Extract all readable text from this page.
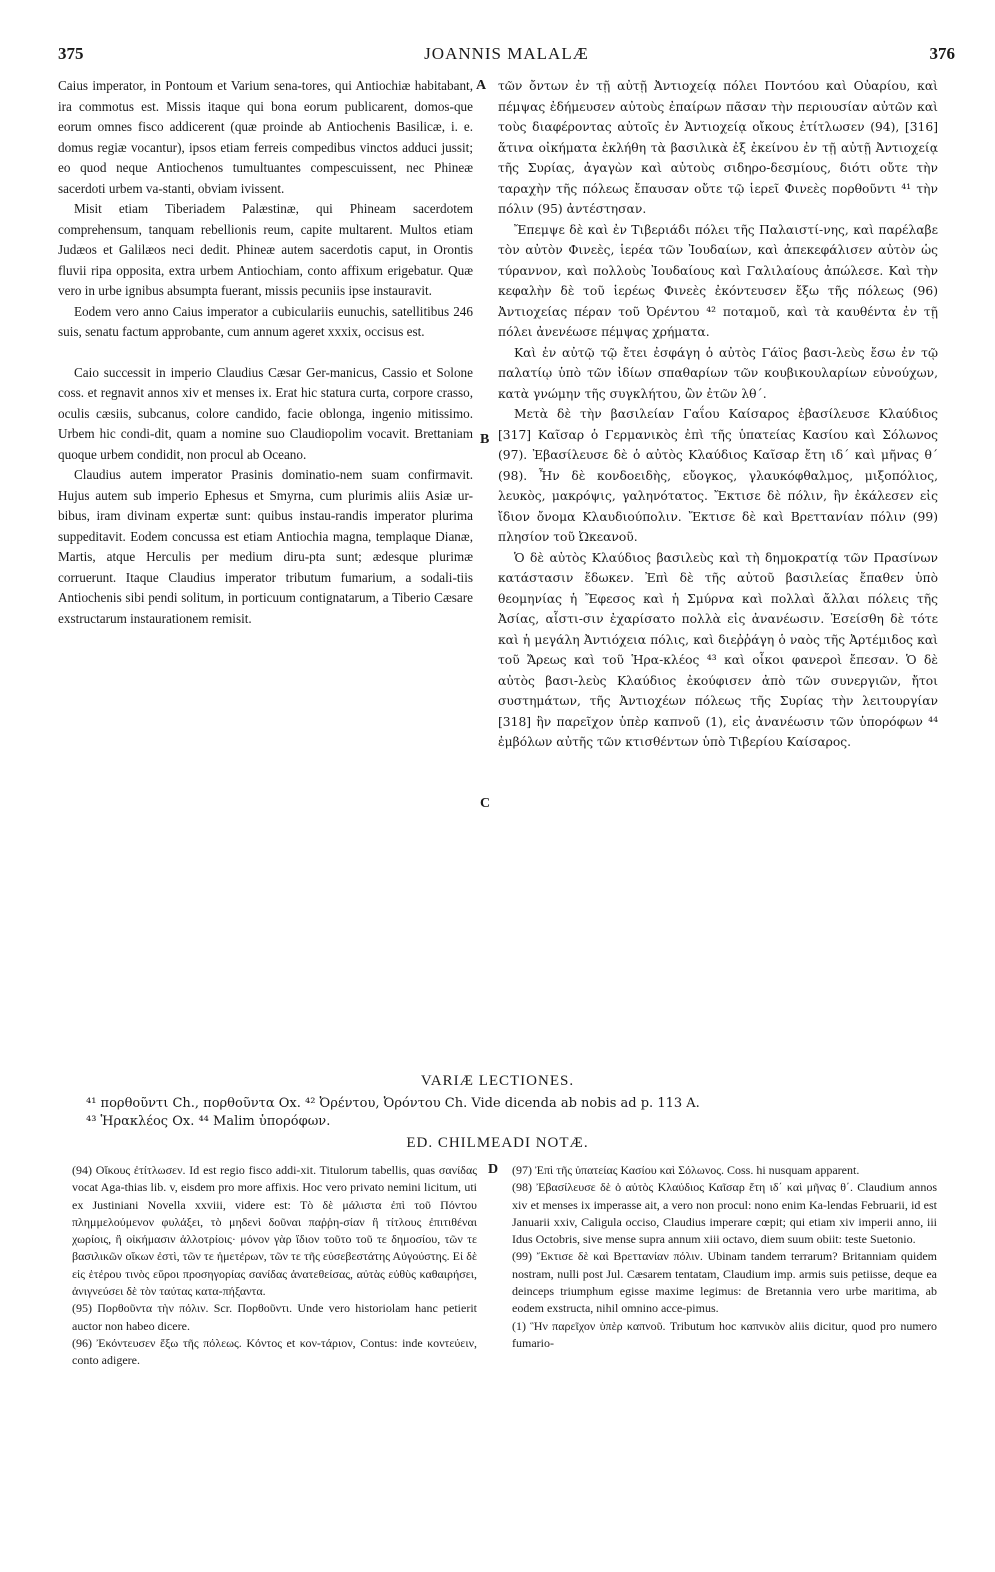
375	JOANNIS MALALÆ	376
A
B
C
D

Caius imperator, in Pontoum et Varium sena-tores, qui Antiochiæ habitabant, ira commotus est. Missis itaque qui bona eorum publicarent, domos-que eorum omnes fisco addicerent (quæ proinde ab Antiochenis Basilicæ, i. e. domus regiæ vocantur), ipsos etiam ferreis compedibus vinctos adduci jussit; eo quod neque Antiochenos tumultuantes compescuissent, nec Phineæ sacerdoti urbem va-stanti, obviam ivissent.

Misit etiam Tiberiadem Palæstinæ, qui Phineam sacerdotem comprehensum, tanquam rebellionis reum, capite multarent. Multos etiam Judæos et Galilæos neci dedit. Phineæ autem sacerdotis caput, in Orontis fluvii ripa opposita, extra urbem Antiochiam, conto affixum erigebatur. Quæ vero in urbe ignibus absumpta fuerant, missis pecuniis ipse instauravit.

Eodem vero anno Caius imperator a cubiculariis eunuchis, satellitibus 246 suis, senatu factum approbante, cum annum ageret xxxix, occisus est.

Caio successit in imperio Claudius Cæsar Ger-manicus, Cassio et Solone coss. et regnavit annos xiv et menses ix. Erat hic statura curta, corpore crasso, oculis cæsiis, subcanus, colore candido, facie oblonga, ingenio mitissimo. Urbem hic condi-dit, quam a nomine suo Claudiopolim vocavit. Brettaniam quoque urbem condidit, non procul ab Oceano.

Claudius autem imperator Prasinis dominatio-nem suam confirmavit. Hujus autem sub imperio Ephesus et Smyrna, cum plurimis aliis Asiæ ur-bibus, iram divinam expertæ sunt: quibus instau-randis imperator plurima suppeditavit. Eodem concussa est etiam Antiochia magna, templaque Dianæ, Martis, atque Herculis per medium diru-pta sunt; ædesque plurimæ corruerunt. Itaque Claudius imperator tributum fumarium, a sodali-tiis Antiochenis sibi pendi solitum, in porticuum contignatarum, a Tiberio Cæsare exstructarum instaurationem remisit.

τῶν ὄντων ἐν τῇ αὐτῇ Ἀντιοχείᾳ πόλει Ποντόου καὶ Οὐαρίου, καὶ πέμψας ἐδήμευσεν αὐτοὺς ἐπαίρων πᾶσαν τὴν περιουσίαν αὐτῶν καὶ τοὺς διαφέροντας αὐτοῖς ἐν Ἀντιοχείᾳ οἴκους ἐτίτλωσεν (94), [316] ἅτινα οἰκήματα ἐκλήθη τὰ βασιλικὰ ἐξ ἐκείνου ἐν τῇ αὐτῇ Ἀντιοχείᾳ τῆς Συρίας, ἀγαγὼν καὶ αὐτοὺς σιδηρο-δεσμίους, διότι οὔτε τὴν ταραχὴν τῆς πόλεως ἔπαυσαν οὔτε τῷ ἱερεῖ Φινεὲς πορθοῦντι ⁴¹ τὴν πόλιν (95) ἀντέστησαν.

Ἔπεμψε δὲ καὶ ἐν Τιβεριάδι πόλει τῆς Παλαιστί-νης, καὶ παρέλαβε τὸν αὐτὸν Φινεὲς, ἱερέα τῶν Ἰουδαίων, καὶ ἀπεκεφάλισεν αὐτὸν ὡς τύραννον, καὶ πολλοὺς Ἰουδαίους καὶ Γαλιλαίους ἀπώλεσε. Καὶ τὴν κεφαλὴν δὲ τοῦ ἱερέως Φινεὲς ἐκόντευσεν ἔξω τῆς πόλεως (96) Ἀντιοχείας πέραν τοῦ Ὀρέντου ⁴² ποταμοῦ, καὶ τὰ καυθέντα ἐν τῇ πόλει ἀνενέωσε πέμψας χρήματα.

Καὶ ἐν αὐτῷ τῷ ἔτει ἐσφάγη ὁ αὐτὸς Γάϊος βασι-λεὺς ἔσω ἐν τῷ παλατίῳ ὑπὸ τῶν ἰδίων σπαθαρίων τῶν κουβικουλαρίων εὐνούχων, κατὰ γνώμην τῆς συγκλήτου, ὢν ἐτῶν λθ΄.

Μετὰ δὲ τὴν βασιλείαν Γαΐου Καίσαρος ἐβασίλευσε Κλαύδιος [317] Καῖσαρ ὁ Γερμανικὸς ἐπὶ τῆς ὑπατείας Κασίου καὶ Σόλωνος (97). Ἐβασίλευσε δὲ ὁ αὐτὸς Κλαύδιος Καῖσαρ ἔτη ιδ΄ καὶ μῆνας θ΄ (98). Ἦν δὲ κονδοειδὴς, εὔογκος, γλαυκόφθαλμος, μιξοπόλιος, λευκὸς, μακρόψις, γαληνότατος. Ἔκτισε δὲ πόλιν, ἣν ἐκάλεσεν εἰς ἴδιον ὄνομα Κλαυδιούπολιν. Ἔκτισε δὲ καὶ Βρεττανίαν πόλιν (99) πλησίον τοῦ Ὠκεανοῦ.

Ὁ δὲ αὐτὸς Κλαύδιος βασιλεὺς καὶ τὴ δημοκρατίᾳ τῶν Πρασίνων κατάστασιν ἔδωκεν. Ἐπὶ δὲ τῆς αὐτοῦ βασιλείας ἔπαθεν ὑπὸ θεομηνίας ἡ Ἔφεσος καὶ ἡ Σμύρνα καὶ πολλαὶ ἄλλαι πόλεις τῆς Ἀσίας, αἷστι-σιν ἐχαρίσατο πολλὰ εἰς ἀνανέωσιν. Ἐσείσθη δὲ τότε καὶ ἡ μεγάλη Ἀντιόχεια πόλις, καὶ διεῤῥάγη ὁ ναὸς τῆς Ἀρτέμιδος καὶ τοῦ Ἄρεως καὶ τοῦ Ἡρα-κλέος ⁴³ καὶ οἶκοι φανεροὶ ἔπεσαν. Ὁ δὲ αὐτὸς βασι-λεὺς Κλαύδιος ἐκούφισεν ἀπὸ τῶν συνεργιῶν, ἤτοι συστημάτων, τῆς Ἀντιοχέων πόλεως τῆς Συρίας τὴν λειτουργίαν [318] ἣν παρεῖχον ὑπὲρ καπνοῦ (1), εἰς ἀνανέωσιν τῶν ὑπορόφων ⁴⁴ ἐμβόλων αὐτῆς τῶν κτισθέντων ὑπὸ Τιβερίου Καίσαρος.

VARIÆ LECTIONES.
⁴¹ πορθοῦντι Ch., πορθοῦντα Ox. ⁴² Ὀρέντου, Ὀρόντου Ch. Vide dicenda ab nobis ad p. 113 A.
⁴³ Ἡρακλέος Ox. ⁴⁴ Malim ὑπορόφων.
ED. CHILMEADI NOTÆ.

(94) Οἴκους ἐτίτλωσεν. Id est regio fisco addi-xit. Titulorum tabellis, quas σανίδας vocat Aga-thias lib. v, eisdem pro more affixis. Hoc vero privato nemini licitum, uti ex Justiniani Novella xxviii, videre est: Τὸ δὲ μάλιστα ἐπὶ τοῦ Πόντου πλημμελούμενον φυλάξει, τὸ μηδενὶ δοῦναι παῤῥη-σίαν ἢ τίτλους ἐπιτιθέναι χωρίοις, ἢ οἰκήμασιν ἀλλοτρίοις· μόνον γὰρ ἴδιον τοῦτο τοῦ τε δημοσίου, τῶν τε βασιλικῶν οἴκων ἐστὶ, τῶν τε ἡμετέρων, τῶν τε τῆς εὐσεβεστάτης Αὐγούστης. Εἰ δὲ εἰς ἑτέρου τινὸς εὕροι προσηγορίας σανίδας ἀνατεθείσας, αὐτὰς εὐθὺς καθαιρήσει, ἀνιγνεύσει δὲ τὸν ταύτας κατα-πήξαντα.

(95) Πορθοῦντα τὴν πόλιν. Scr. Πορθοῦντι. Unde vero historiolam hanc petierit auctor non habeo dicere.

(96) Ἐκόντευσεν ἔξω τῆς πόλεως. Κόντος et κον-τάριον, Contus: inde κοντεύειν, conto adigere.

(97) Ἐπὶ τῆς ὑπατείας Κασίου καὶ Σόλωνος. Coss. hi nusquam apparent.

(98) Ἐβασίλευσε δὲ ὁ αὐτὸς Κλαύδιος Καῖσαρ ἔτη ιδ΄ καὶ μῆνας θ΄. Claudium annos xiv et menses ix imperasse ait, a vero non procul: nono enim Ka-lendas Februarii, id est Januarii xxiv, Caligula occiso, Claudius imperare cœpit; qui etiam xiv imperii anno, iii Idus Octobris, sive mense supra annum xiii octavo, diem suum obiit: teste Suetonio.

(99) Ἔκτισε δὲ καὶ Βρεττανίαν πόλιν. Ubinam tandem terrarum? Britanniam quidem nostram, nulli post Jul. Cæsarem tentatam, Claudium imp. armis suis petiisse, deque ea deinceps triumphum egisse maxime legimus: de Bretannia vero urbe maritima, ab eodem exstructa, nihil omnino acce-pimus.

(1) Ἣν παρεῖχον ὑπὲρ καπνοῦ. Tributum hoc καπνικὸν aliis dicitur, quod pro numero fumario-
